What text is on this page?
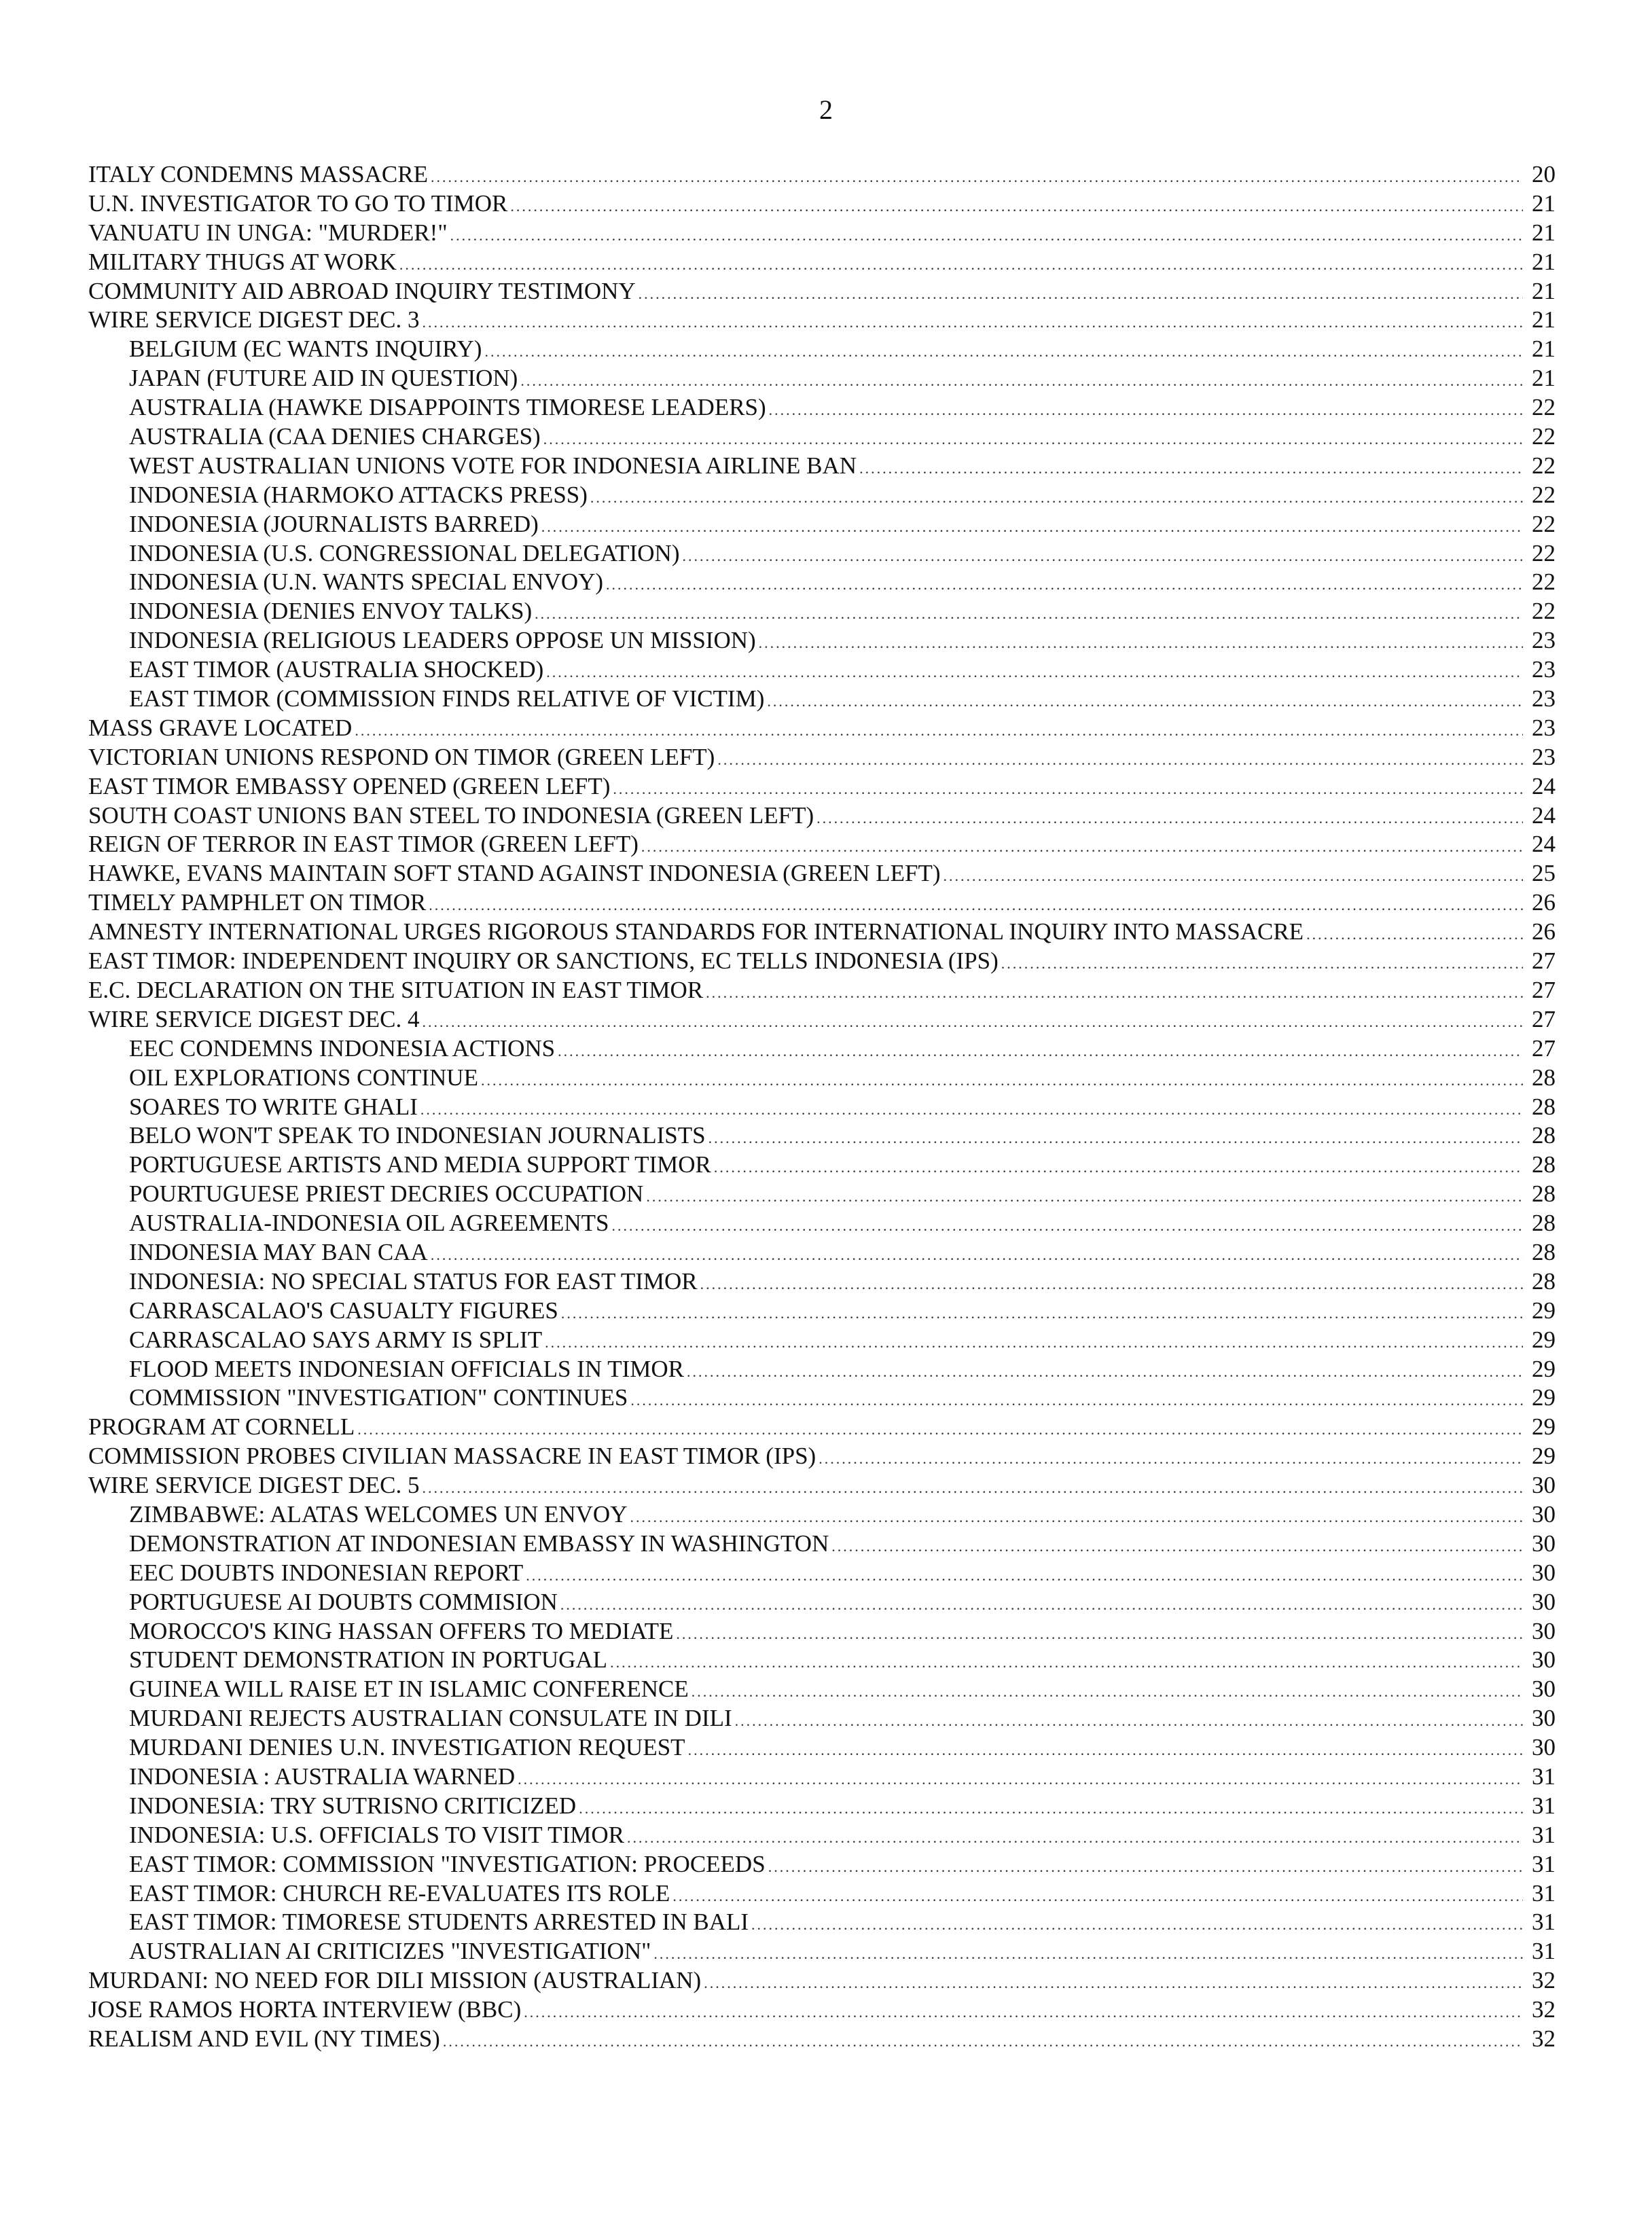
2
ITALY CONDEMNS MASSACRE .....	20
U.N. INVESTIGATOR TO GO TO TIMOR .....	21
VANUATU IN UNGA: "MURDER!" .....	21
MILITARY THUGS AT WORK .....	21
COMMUNITY AID ABROAD INQUIRY TESTIMONY .....	21
WIRE SERVICE DIGEST DEC. 3 .....	21
BELGIUM (EC WANTS INQUIRY) .....	21
JAPAN (FUTURE AID IN QUESTION) .....	21
AUSTRALIA (HAWKE DISAPPOINTS TIMORESE LEADERS) .....	22
AUSTRALIA (CAA DENIES CHARGES) .....	22
WEST AUSTRALIAN UNIONS VOTE FOR INDONESIA AIRLINE BAN .....	22
INDONESIA (HARMOKO ATTACKS PRESS) .....	22
INDONESIA (JOURNALISTS BARRED) .....	22
INDONESIA (U.S. CONGRESSIONAL DELEGATION) .....	22
INDONESIA (U.N. WANTS SPECIAL ENVOY) .....	22
INDONESIA (DENIES ENVOY TALKS) .....	22
INDONESIA (RELIGIOUS LEADERS OPPOSE UN MISSION) .....	23
EAST TIMOR (AUSTRALIA SHOCKED) .....	23
EAST TIMOR (COMMISSION FINDS RELATIVE OF VICTIM) .....	23
MASS GRAVE LOCATED .....	23
VICTORIAN UNIONS RESPOND ON TIMOR (GREEN LEFT) .....	23
EAST TIMOR EMBASSY OPENED (GREEN LEFT) .....	24
SOUTH COAST UNIONS BAN STEEL TO INDONESIA (GREEN LEFT) .....	24
REIGN OF TERROR IN EAST TIMOR (GREEN LEFT) .....	24
HAWKE, EVANS MAINTAIN SOFT STAND AGAINST INDONESIA (GREEN LEFT) .....	25
TIMELY PAMPHLET ON TIMOR .....	26
AMNESTY INTERNATIONAL URGES RIGOROUS STANDARDS FOR INTERNATIONAL INQUIRY INTO MASSACRE .....	26
EAST TIMOR: INDEPENDENT INQUIRY OR SANCTIONS, EC TELLS INDONESIA (IPS) .....	27
E.C. DECLARATION ON THE SITUATION IN EAST TIMOR .....	27
WIRE SERVICE DIGEST DEC. 4 .....	27
EEC CONDEMNS INDONESIA ACTIONS .....	27
OIL EXPLORATIONS CONTINUE .....	28
SOARES TO WRITE GHALI .....	28
BELO WON'T SPEAK TO INDONESIAN JOURNALISTS .....	28
PORTUGUESE ARTISTS AND MEDIA SUPPORT TIMOR .....	28
POURTUGUESE PRIEST DECRIES OCCUPATION .....	28
AUSTRALIA-INDONESIA OIL AGREEMENTS .....	28
INDONESIA MAY BAN CAA .....	28
INDONESIA: NO SPECIAL STATUS FOR EAST TIMOR .....	28
CARRASCALAO'S CASUALTY FIGURES .....	29
CARRASCALAO SAYS ARMY IS SPLIT .....	29
FLOOD MEETS INDONESIAN OFFICIALS IN TIMOR .....	29
COMMISSION "INVESTIGATION" CONTINUES .....	29
PROGRAM AT CORNELL .....	29
COMMISSION PROBES CIVILIAN MASSACRE IN EAST TIMOR (IPS) .....	29
WIRE SERVICE DIGEST DEC. 5 .....	30
ZIMBABWE: ALATAS WELCOMES UN ENVOY .....	30
DEMONSTRATION AT INDONESIAN EMBASSY IN WASHINGTON .....	30
EEC DOUBTS INDONESIAN REPORT .....	30
PORTUGUESE AI DOUBTS COMMISION .....	30
MOROCCO'S KING HASSAN OFFERS TO MEDIATE .....	30
STUDENT DEMONSTRATION IN PORTUGAL .....	30
GUINEA WILL RAISE ET IN ISLAMIC CONFERENCE .....	30
MURDANI REJECTS AUSTRALIAN CONSULATE IN DILI .....	30
MURDANI DENIES U.N. INVESTIGATION REQUEST .....	30
INDONESIA : AUSTRALIA WARNED .....	31
INDONESIA: TRY SUTRISNO CRITICIZED .....	31
INDONESIA: U.S. OFFICIALS TO VISIT TIMOR .....	31
EAST TIMOR: COMMISSION "INVESTIGATION: PROCEEDS .....	31
EAST TIMOR: CHURCH RE-EVALUATES ITS ROLE .....	31
EAST TIMOR: TIMORESE STUDENTS ARRESTED IN BALI .....	31
AUSTRALIAN AI CRITICIZES "INVESTIGATION" .....	31
MURDANI: NO NEED FOR DILI MISSION (AUSTRALIAN) .....	32
JOSE RAMOS HORTA INTERVIEW (BBC) .....	32
REALISM AND EVIL (NY TIMES) .....	32
